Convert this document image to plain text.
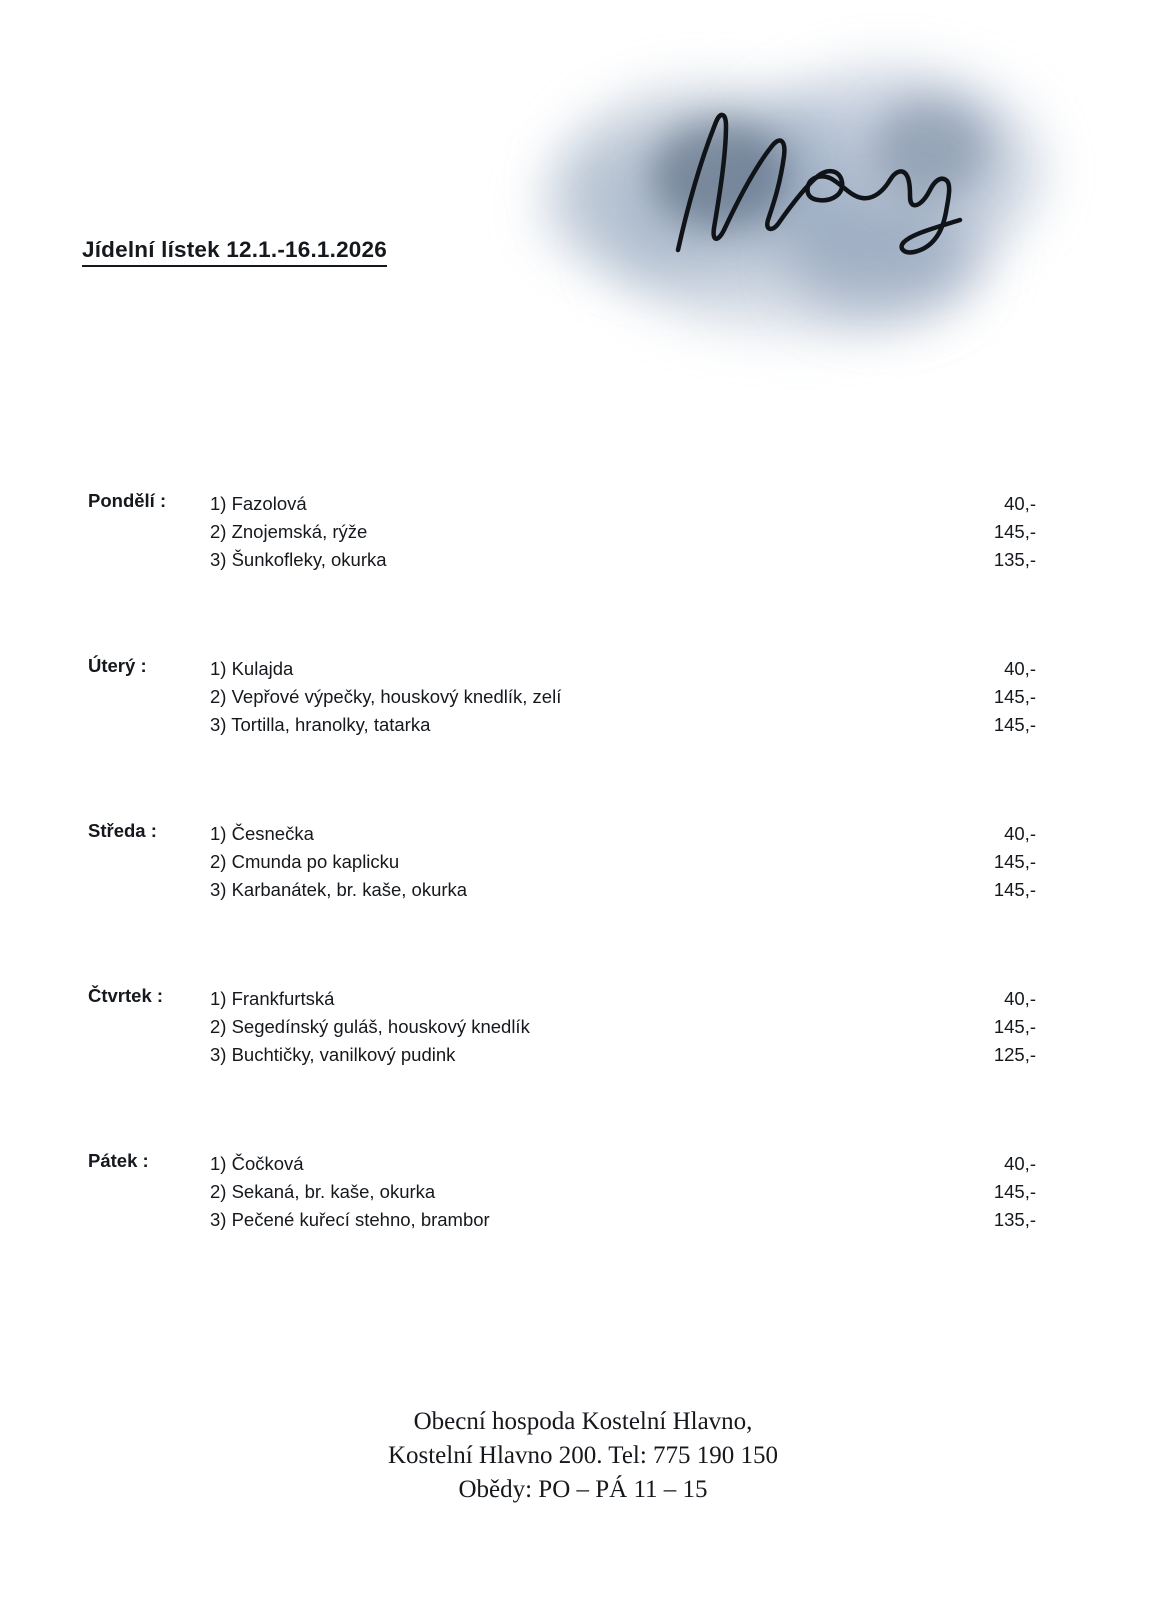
Jídelní lístek 12.1.-16.1.2026
Pondělí :	1) Fazolová	40,-
2) Znojemská, rýže	145,-
3) Šunkofleky, okurka	135,-
Úterý :	1) Kulajda	40,-
2) Vepřové výpečky, houskový knedlík, zelí	145,-
3) Tortilla, hranolky, tatarka	145,-
Středa :	1) Česnečka	40,-
2) Cmunda po kaplicku	145,-
3) Karbanátek, br. kaše, okurka	145,-
Čtvrtek :	1) Frankfurtská	40,-
2) Segedínský guláš, houskový knedlík	145,-
3) Buchtičky, vanilkový pudink	125,-
Pátek :	1) Čočková	40,-
2) Sekaná, br. kaše, okurka	145,-
3) Pečené kuřecí stehno, brambor	135,-
Obecní hospoda Kostelní Hlavno,
Kostelní Hlavno 200. Tel: 775 190 150
Obědy: PO – PÁ 11 – 15
